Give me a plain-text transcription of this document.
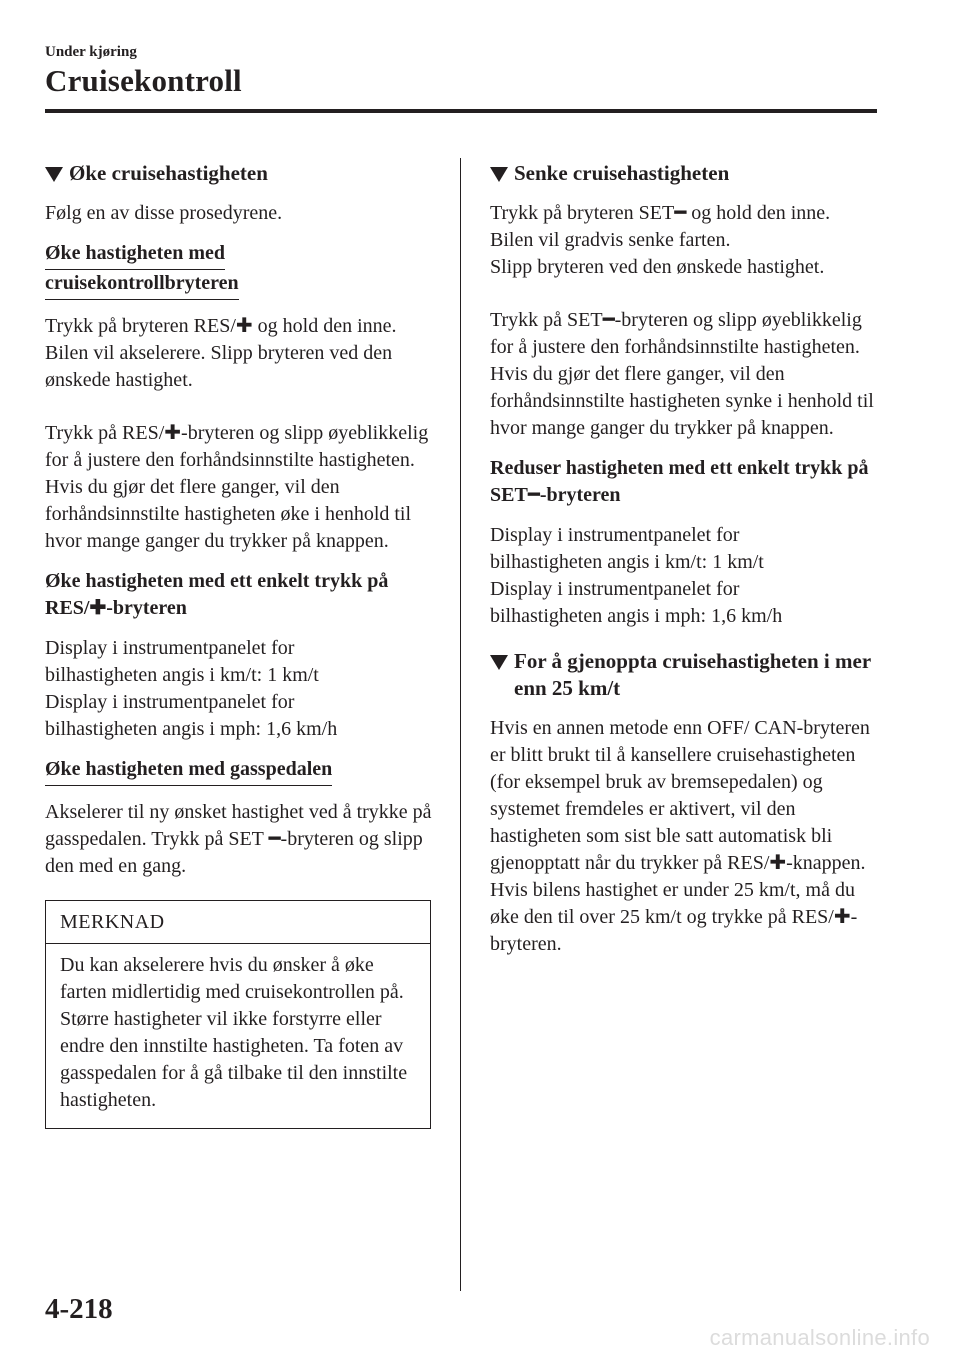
Under kjøring
Cruisekontroll
Øke cruisehastigheten

Følg en av disse prosedyrene.

Øke hastigheten med
cruisekontrollbryteren

Trykk på bryteren RES/✚ og hold den inne. Bilen vil akselerere. Slipp bryteren ved den ønskede hastighet.

Trykk på RES/✚-bryteren og slipp øyeblikkelig for å justere den forhåndsinnstilte hastigheten. Hvis du gjør det flere ganger, vil den forhåndsinnstilte hastigheten øke i henhold til hvor mange ganger du trykker på knappen.

Øke hastigheten med ett enkelt trykk på RES/✚-bryteren

Display i instrumentpanelet for
bilhastigheten angis i km/t: 1 km/t
Display i instrumentpanelet for
bilhastigheten angis i mph: 1,6 km/h
Øke hastigheten med gasspedalen

Akselerer til ny ønsket hastighet ved å trykke på gasspedalen. Trykk på SET ━-bryteren og slipp den med en gang.

MERKNAD
Du kan akselerere hvis du ønsker å øke farten midlertidig med cruisekontrollen på. Større hastigheter vil ikke forstyrre eller endre den innstilte hastigheten. Ta foten av gasspedalen for å gå tilbake til den innstilte hastigheten.
Senke cruisehastigheten
Trykk på bryteren SET━ og hold den inne.
Bilen vil gradvis senke farten.
Slipp bryteren ved den ønskede hastighet.

Trykk på SET━-bryteren og slipp øyeblikkelig for å justere den forhåndsinnstilte hastigheten. Hvis du gjør det flere ganger, vil den forhåndsinnstilte hastigheten synke i henhold til hvor mange ganger du trykker på knappen.

Reduser hastigheten med ett enkelt trykk på SET━-bryteren

Display i instrumentpanelet for
bilhastigheten angis i km/t: 1 km/t
Display i instrumentpanelet for
bilhastigheten angis i mph: 1,6 km/h
For å gjenoppta cruisehastigheten i mer enn 25 km/t

Hvis en annen metode enn OFF/ CAN-bryteren er blitt brukt til å kansellere cruisehastigheten (for eksempel bruk av bremsepedalen) og systemet fremdeles er aktivert, vil den hastigheten som sist ble satt automatisk bli gjenopptatt når du trykker på RES/✚-knappen.

Hvis bilens hastighet er under 25 km/t, må du øke den til over 25 km/t og trykke på RES/✚-bryteren.

4-218
carmanualsonline.info
